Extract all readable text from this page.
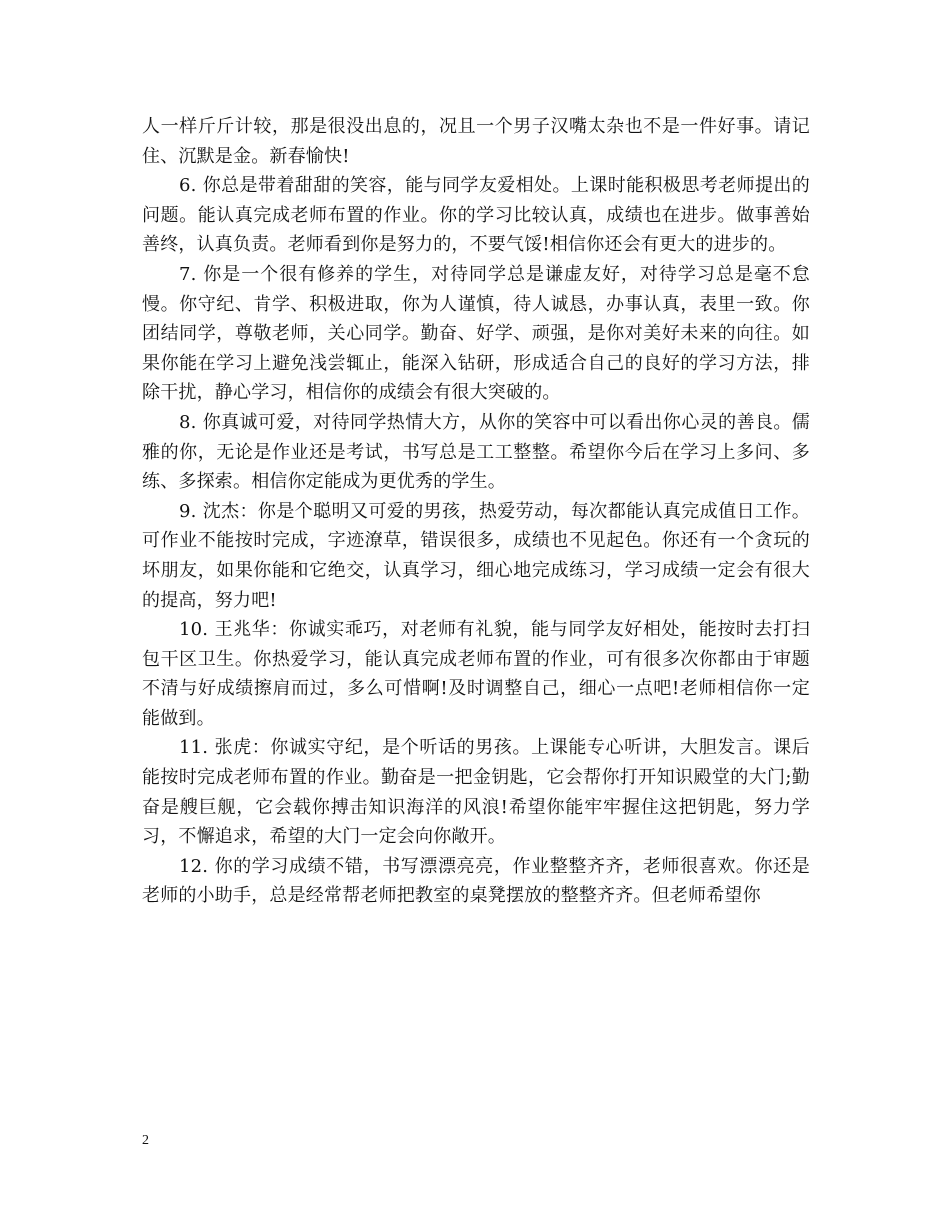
人一样斤斤计较，那是很没出息的，况且一个男子汉嘴太杂也不是一件好事。请记住、沉默是金。新春愉快!

6. 你总是带着甜甜的笑容，能与同学友爱相处。上课时能积极思考老师提出的问题。能认真完成老师布置的作业。你的学习比较认真，成绩也在进步。做事善始善终，认真负责。老师看到你是努力的，不要气馁!相信你还会有更大的进步的。

7. 你是一个很有修养的学生，对待同学总是谦虚友好，对待学习总是毫不怠慢。你守纪、肯学、积极进取，你为人谨慎，待人诚恳，办事认真，表里一致。你团结同学，尊敬老师，关心同学。勤奋、好学、顽强，是你对美好未来的向往。如果你能在学习上避免浅尝辄止，能深入钻研，形成适合自己的良好的学习方法，排除干扰，静心学习，相信你的成绩会有很大突破的。

8. 你真诚可爱，对待同学热情大方，从你的笑容中可以看出你心灵的善良。儒雅的你，无论是作业还是考试，书写总是工工整整。希望你今后在学习上多问、多练、多探索。相信你定能成为更优秀的学生。

9. 沈杰：你是个聪明又可爱的男孩，热爱劳动，每次都能认真完成值日工作。可作业不能按时完成，字迹潦草，错误很多，成绩也不见起色。你还有一个贪玩的坏朋友，如果你能和它绝交，认真学习，细心地完成练习，学习成绩一定会有很大的提高，努力吧!

10. 王兆华：你诚实乖巧，对老师有礼貌，能与同学友好相处，能按时去打扫包干区卫生。你热爱学习，能认真完成老师布置的作业，可有很多次你都由于审题不清与好成绩擦肩而过，多么可惜啊!及时调整自己，细心一点吧!老师相信你一定能做到。

11. 张虎：你诚实守纪，是个听话的男孩。上课能专心听讲，大胆发言。课后能按时完成老师布置的作业。勤奋是一把金钥匙，它会帮你打开知识殿堂的大门;勤奋是艘巨舰，它会载你搏击知识海洋的风浪!希望你能牢牢握住这把钥匙，努力学习，不懈追求，希望的大门一定会向你敞开。

12. 你的学习成绩不错，书写漂漂亮亮，作业整整齐齐，老师很喜欢。你还是老师的小助手，总是经常帮老师把教室的桌凳摆放的整整齐齐。但老师希望你

2
